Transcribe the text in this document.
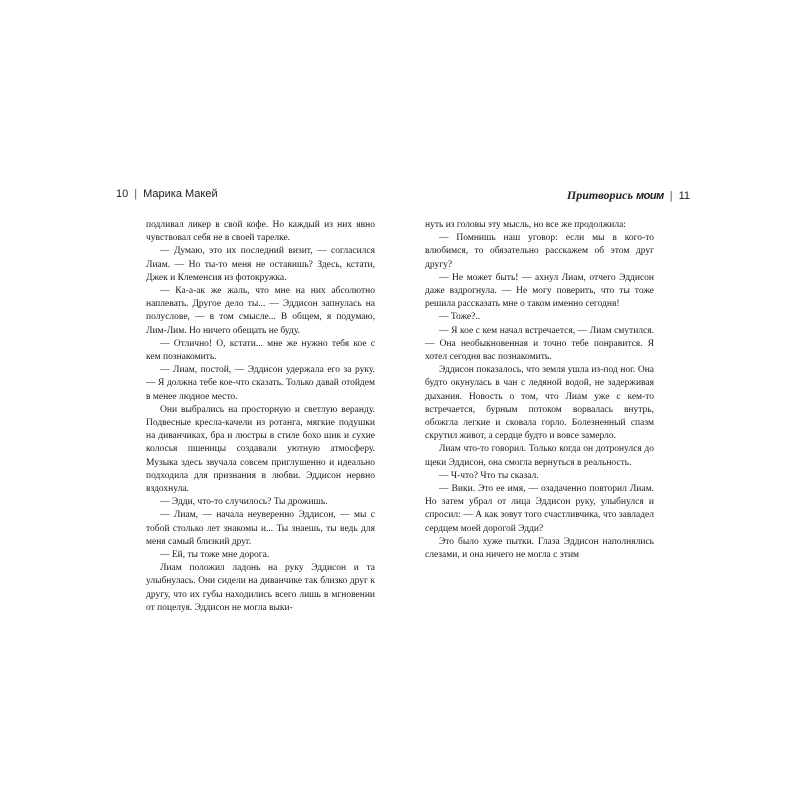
10 | Марика Макей	Притворись моим | 11

подливал ликер в свой кофе. Но каждый из них явно чувствовал себя не в своей тарелке.

— Думаю, это их последний визит, — согласился Лиам. — Но ты-то меня не оставишь? Здесь, кстати, Джек и Клеменсия из фотокружка.

— Ка-а-ак же жаль, что мне на них абсолютно наплевать. Другое дело ты... — Эддисон запнулась на полуслове, — в том смысле... В общем, я подумаю, Лим-Лим. Но ничего обещать не буду.

— Отлично! О, кстати... мне же нужно тебя кое с кем познакомить.

— Лиам, постой, — Эддисон удержала его за руку. — Я должна тебе кое-что сказать. Только давай отойдем в менее людное место.

Они выбрались на просторную и светлую веранду. Подвесные кресла-качели из ротанга, мягкие подушки на диванчиках, бра и люстры в стиле бохо шик и сухие колосья пшеницы создавали уютную атмосферу. Музыка здесь звучала совсем приглушенно и идеально подходила для признания в любви. Эддисон нервно вздохнула.

— Эдди, что-то случилось? Ты дрожишь.

— Лиам, — начала неуверенно Эддисон, — мы с тобой столько лет знакомы и... Ты знаешь, ты ведь для меня самый близкий друг.

— Ей, ты тоже мне дорога.

Лиам положил ладонь на руку Эддисон и та улыбнулась. Они сидели на диванчике так близко друг к другу, что их губы находились всего лишь в мгновении от поцелуя. Эддисон не могла выки-

нуть из головы эту мысль, но все же продолжила:

— Помнишь наш уговор: если мы в кого-то влюбимся, то обязательно расскажем об этом друг другу?

— Не может быть! — ахнул Лиам, отчего Эддисон даже вздрогнула. — Не могу поверить, что ты тоже решила рассказать мне о таком именно сегодня!

— Тоже?..

— Я кое с кем начал встречается, — Лиам смутился. — Она необыкновенная и точно тебе понравится. Я хотел сегодня вас познакомить.

Эддисон показалось, что земля ушла из-под ног. Она будто окунулась в чан с ледяной водой, не задерживая дыхания. Новость о том, что Лиам уже с кем-то встречается, бурным потоком ворвалась внутрь, обожгла легкие и сковала горло. Болезненный спазм скрутил живот, а сердце будто и вовсе замерло.

Лиам что-то говорил. Только когда он дотронулся до щеки Эддисон, она смогла вернуться в реальность.

— Ч-что? Что ты сказал.

— Вики. Это ее имя, — озадаченно повторил Лиам. Но затем убрал от лица Эддисон руку, улыбнулся и спросил: — А как зовут того счастливчика, что завладел сердцем моей дорогой Эдди?

Это было хуже пытки. Глаза Эддисон наполнялись слезами, и она ничего не могла с этим
